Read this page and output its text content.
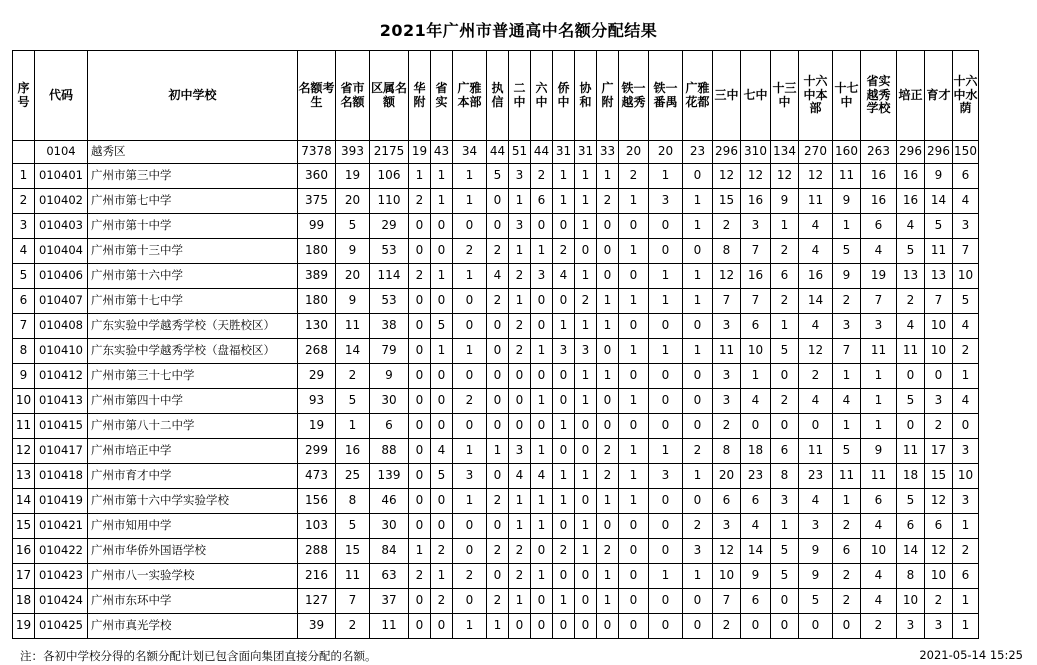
2021年广州市普通高中名额分配结果
序号	代码	初中学校	名额考生	省市名额	区属名额	华附	省实	广雅本部	执信	二中	六中	侨中	协和	广附	铁一越秀	铁一番禺	广雅花都	三中	七中	十三中	十六中本部	十七中	省实越秀学校	培正	育才	十六中水荫
	0104	越秀区	7378	393	2175	19	43	34	44	51	44	31	31	33	20	20	23	296	310	134	270	160	263	296	296	150
1	010401	广州市第三中学	360	19	106	1	1	1	5	3	2	1	1	1	2	1	0	12	12	12	12	11	16	16	9	6
2	010402	广州市第七中学	375	20	110	2	1	1	0	1	6	1	1	2	1	3	1	15	16	9	11	9	16	16	14	4
3	010403	广州市第十中学	99	5	29	0	0	0	0	3	0	0	1	0	0	0	1	2	3	1	4	1	6	4	5	3
4	010404	广州市第十三中学	180	9	53	0	0	2	2	1	1	2	0	0	1	0	0	8	7	2	4	5	4	5	11	7
5	010406	广州市第十六中学	389	20	114	2	1	1	4	2	3	4	1	0	0	1	1	12	16	6	16	9	19	13	13	10
6	010407	广州市第十七中学	180	9	53	0	0	0	2	1	0	0	2	1	1	1	1	7	7	2	14	2	7	2	7	5
7	010408	广东实验中学越秀学校（天胜校区）	130	11	38	0	5	0	0	2	0	1	1	1	0	0	0	3	6	1	4	3	3	4	10	4
8	010410	广东实验中学越秀学校（盘福校区）	268	14	79	0	1	1	0	2	1	3	3	0	1	1	1	11	10	5	12	7	11	11	10	2
9	010412	广州市第三十七中学	29	2	9	0	0	0	0	0	0	0	1	1	0	0	0	3	1	0	2	1	1	0	0	1
10	010413	广州市第四十中学	93	5	30	0	0	2	0	0	1	0	1	0	1	0	0	3	4	2	4	4	1	5	3	4
11	010415	广州市第八十二中学	19	1	6	0	0	0	0	0	0	1	0	0	0	0	0	2	0	0	0	1	1	0	2	0
12	010417	广州市培正中学	299	16	88	0	4	1	1	3	1	0	0	2	1	1	2	8	18	6	11	5	9	11	17	3
13	010418	广州市育才中学	473	25	139	0	5	3	0	4	4	1	1	2	1	3	1	20	23	8	23	11	11	18	15	10
14	010419	广州市第十六中学实验学校	156	8	46	0	0	1	2	1	1	1	0	1	1	0	0	6	6	3	4	1	6	5	12	3
15	010421	广州市知用中学	103	5	30	0	0	0	0	1	1	0	1	0	0	0	2	3	4	1	3	2	4	6	6	1
16	010422	广州市华侨外国语学校	288	15	84	1	2	0	2	2	0	2	1	2	0	0	3	12	14	5	9	6	10	14	12	2
17	010423	广州市八一实验学校	216	11	63	2	1	2	0	2	1	0	0	1	0	1	1	10	9	5	9	2	4	8	10	6
18	010424	广州市东环中学	127	7	37	0	2	0	2	1	0	1	0	1	0	0	0	7	6	0	5	2	4	10	2	1
19	010425	广州市真光学校	39	2	11	0	0	1	1	0	0	0	0	0	0	0	0	2	0	0	0	0	2	3	3	1
注：各初中学校分得的名额分配计划已包含面向集团直接分配的名额。	2021-05-14 15:25
